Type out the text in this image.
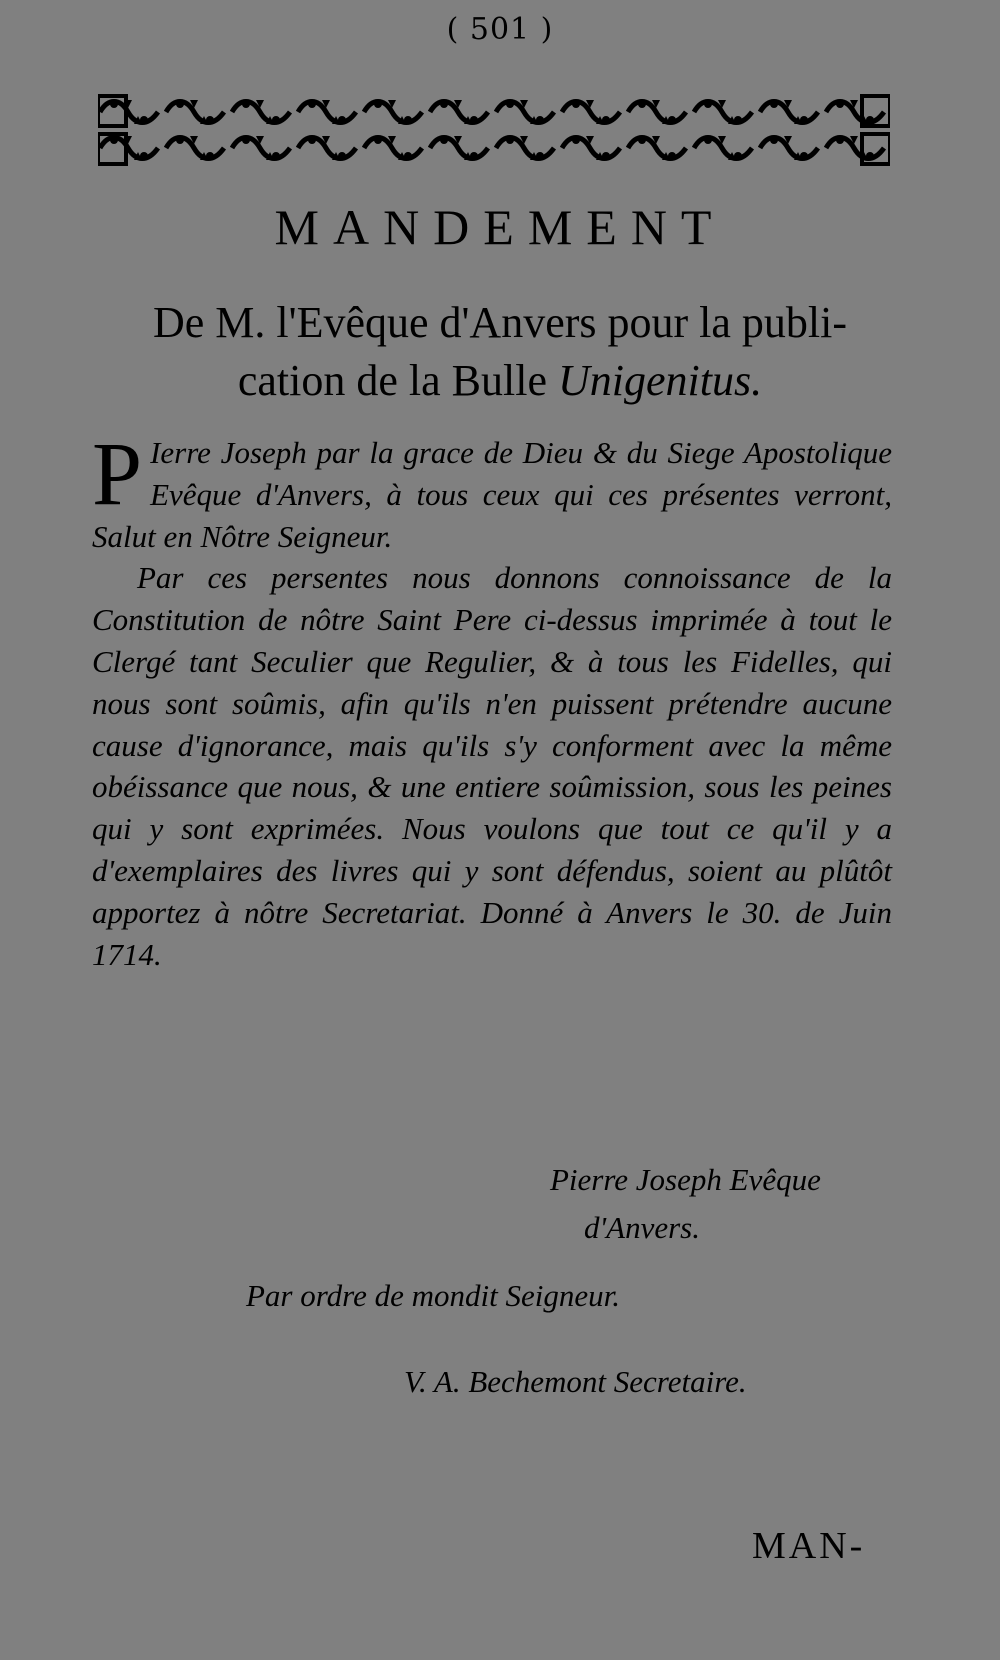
( 501 )
MANDEMENT
De M. l'Evêque d'Anvers pour la publi-
cation de la Bulle Unigenitus.

P Ierre Joseph par la grace de Dieu & du Siege Apostolique Evêque d'Anvers, à tous ceux qui ces présentes verront, Salut en Nôtre Seigneur.

Par ces persentes nous donnons connoissance de la Constitution de nôtre Saint Pere ci-dessus imprimée à tout le Clergé tant Seculier que Regulier, & à tous les Fidelles, qui nous sont soûmis, afin qu'ils n'en puissent prétendre aucune cause d'ignorance, mais qu'ils s'y conforment avec la même obéissance que nous, & une entiere soûmission, sous les peines qui y sont exprimées. Nous voulons que tout ce qu'il y a d'exemplaires des livres qui y sont défendus, soient au plûtôt apportez à nôtre Secretariat. Donné à Anvers le 30. de Juin 1714.

Pierre Joseph Evêque
d'Anvers.
Par ordre de mondit Seigneur.
V. A. Bechemont Secretaire.
MAN-
